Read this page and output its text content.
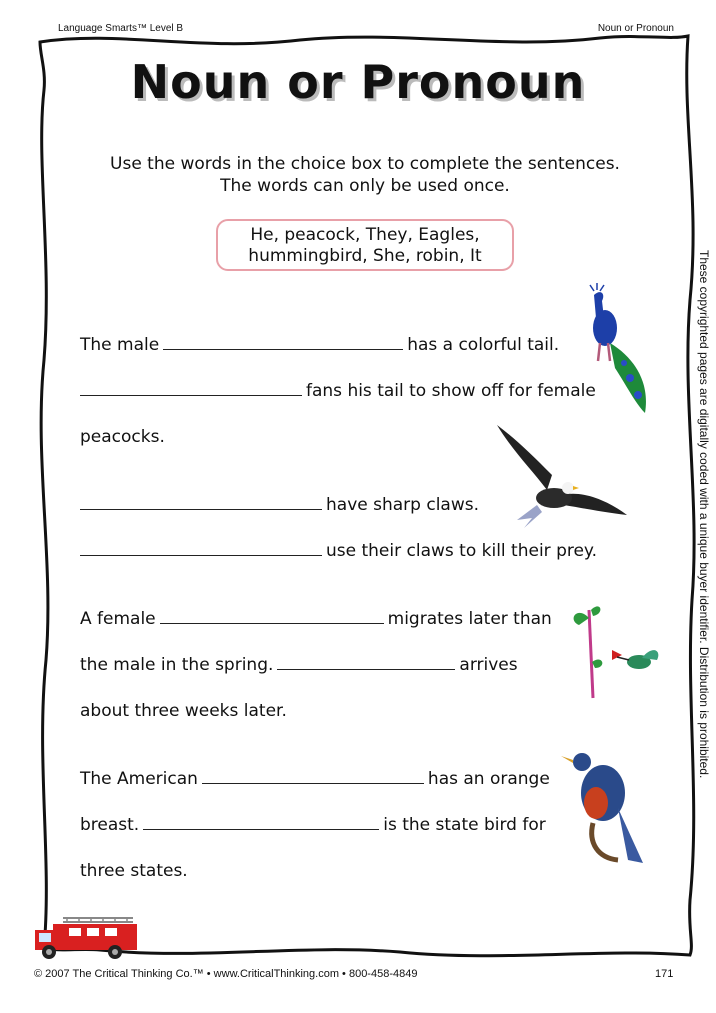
Language Smarts™ Level B	Noun or Pronoun
Noun or Pronoun
Use the words in the choice box to complete the sentences. The words can only be used once.
He, peacock, They, Eagles,
hummingbird, She, robin, It
The male	has a colorful tail.
fans his tail to show off for female
peacocks.
have sharp claws.
use their claws to kill their prey.
A female	migrates later than
the male in the spring.	arrives
about three weeks later.
The American	has an orange
breast.	is the state bird for
three states.
These copyrighted pages are digitally coded with a unique buyer identifier. Distribution is prohibited.
© 2007 The Critical Thinking Co.™ • www.CriticalThinking.com • 800-458-4849	171
